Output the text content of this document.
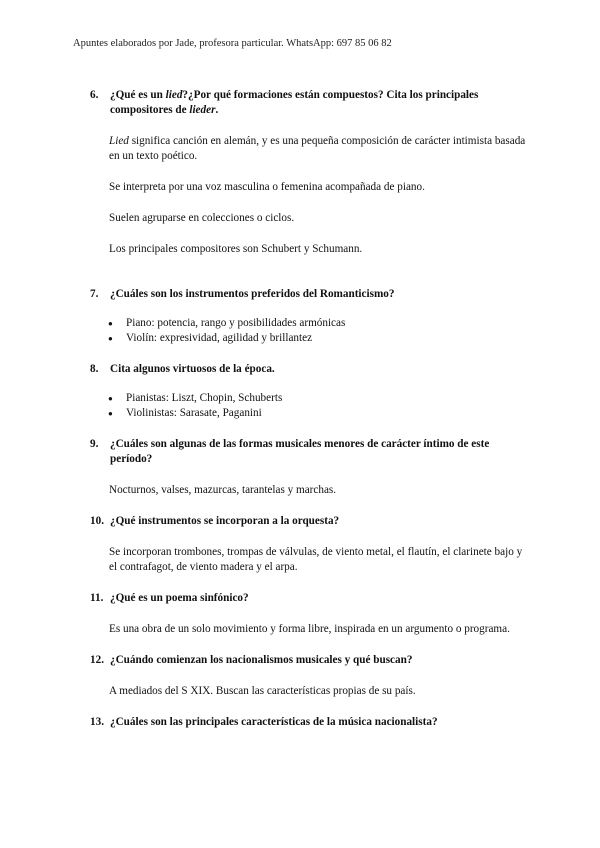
Apuntes elaborados por Jade, profesora particular. WhatsApp: 697 85 06 82
6.	¿Qué es un lied?¿Por qué formaciones están compuestos? Cita los principales compositores de lieder.

Lied significa canción en alemán, y es una pequeña composición de carácter intimista basada en un texto poético.

Se interpreta por una voz masculina o femenina acompañada de piano.

Suelen agruparse en colecciones o ciclos.

Los principales compositores son Schubert y Schumann.

7.	¿Cuáles son los instrumentos preferidos del Romanticismo?
● Piano: potencia, rango y posibilidades armónicas
● Violín: expresividad, agilidad y brillantez
8.	Cita algunos virtuosos de la época.
● Pianistas: Liszt, Chopin, Schuberts
● Violinistas: Sarasate, Paganini
9.	¿Cuáles son algunas de las formas musicales menores de carácter íntimo de este período?

Nocturnos, valses, mazurcas, tarantelas y marchas.

10. ¿Qué instrumentos se incorporan a la orquesta?

Se incorporan trombones, trompas de válvulas, de viento metal, el flautín, el clarinete bajo y el contrafagot, de viento madera y el arpa.

11. ¿Qué es un poema sinfónico?

Es una obra de un solo movimiento y forma libre, inspirada en un argumento o programa.

12. ¿Cuándo comienzan los nacionalismos musicales y qué buscan?

A mediados del S XIX. Buscan las características propias de su país.

13. ¿Cuáles son las principales características de la música nacionalista?
